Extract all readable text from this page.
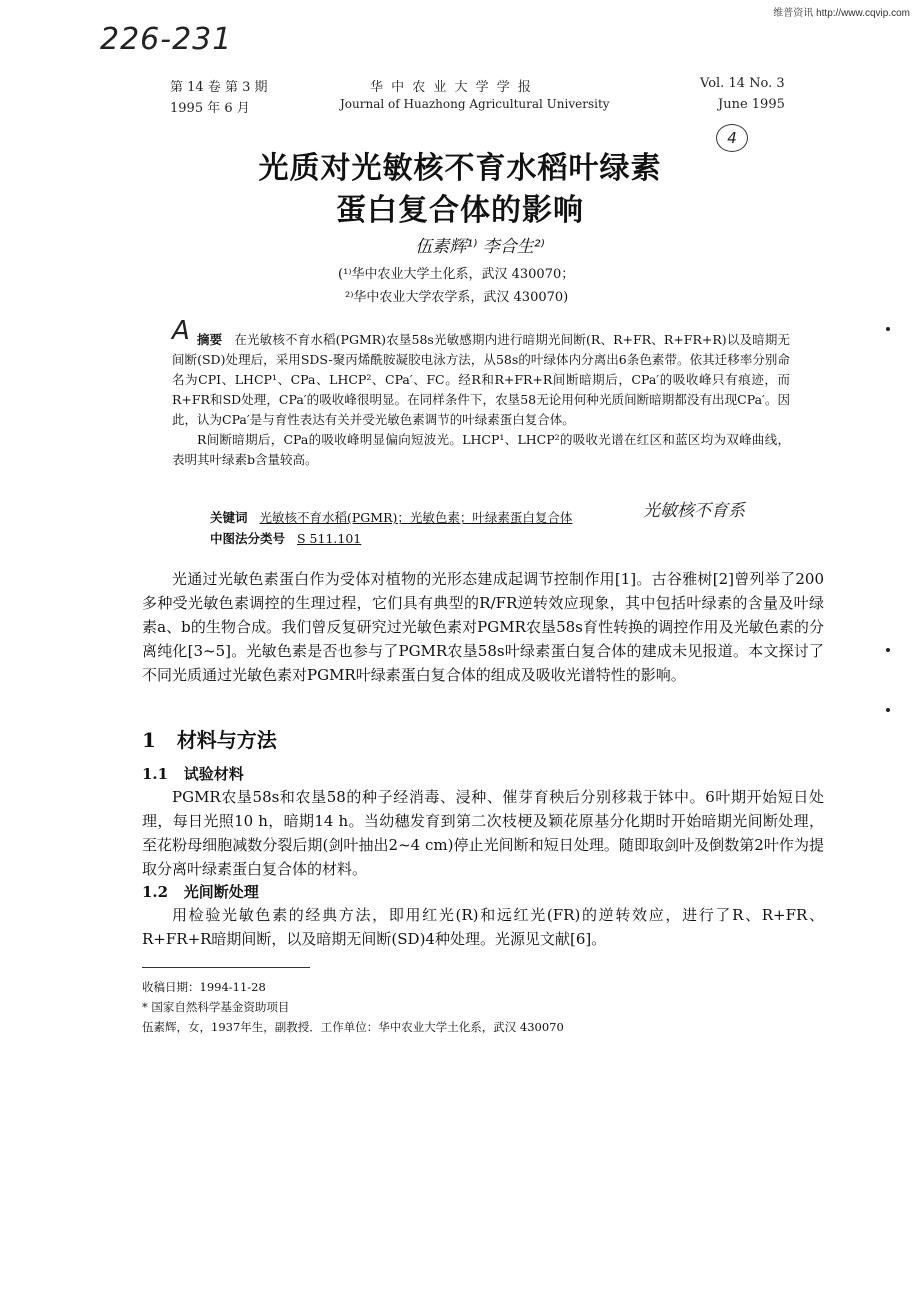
维普资讯 http://www.cqvip.com
226-231
第 14 卷 第 3 期
1995 年 6 月
华 中 农 业 大 学 学 报
Journal of Huazhong Agricultural University
Vol. 14 No. 3
June 1995
光质对光敏核不育水稻叶绿素
蛋白复合体的影响
4
伍素辉¹⁾ 李合生²⁾
(¹⁾华中农业大学土化系，武汉 430070；
²⁾华中农业大学农学系，武汉 430070)
A 摘要 在光敏核不育水稻(PGMR)农垦58s光敏感期内进行暗期光间断(R、R+FR、R+FR+R)以及暗期无间断(SD)处理后，采用SDS-聚丙烯酰胺凝胶电泳方法，从58s的叶绿体内分离出6条色素带。依其迁移率分别命名为CPI、LHCP¹、CPa、LHCP²、CPa′、FC。经R和R+FR+R间断暗期后，CPa′的吸收峰只有痕迹，而R+FR和SD处理，CPa′的吸收峰很明显。在同样条件下，农垦58无论用何种光质间断暗期都没有出现CPa′。因此，认为CPa′是与育性表达有关并受光敏色素调节的叶绿素蛋白复合体。

R间断暗期后，CPa的吸收峰明显偏向短波光。LHCP¹、LHCP²的吸收光谱在红区和蓝区均为双峰曲线，表明其叶绿素b含量较高。

关键词 光敏核不育水稻(PGMR)；光敏色素；叶绿素蛋白复合体	光敏核不育系
中图法分类号 S 511.101

光通过光敏色素蛋白作为受体对植物的光形态建成起调节控制作用[1]。古谷雅树[2]曾列举了200多种受光敏色素调控的生理过程，它们具有典型的R/FR逆转效应现象，其中包括叶绿素的含量及叶绿素a、b的生物合成。我们曾反复研究过光敏色素对PGMR农垦58s育性转换的调控作用及光敏色素的分离纯化[3~5]。光敏色素是否也参与了PGMR农垦58s叶绿素蛋白复合体的建成未见报道。本文探讨了不同光质通过光敏色素对PGMR叶绿素蛋白复合体的组成及吸收光谱特性的影响。

1 材料与方法
1.1 试验材料

PGMR农垦58s和农垦58的种子经消毒、浸种、催芽育秧后分别移栽于钵中。6叶期开始短日处理，每日光照10 h，暗期14 h。当幼穗发育到第二次枝梗及颖花原基分化期时开始暗期光间断处理，至花粉母细胞减数分裂后期(剑叶抽出2~4 cm)停止光间断和短日处理。随即取剑叶及倒数第2叶作为提取分离叶绿素蛋白复合体的材料。

1.2 光间断处理

用检验光敏色素的经典方法，即用红光(R)和远红光(FR)的逆转效应，进行了R、R+FR、R+FR+R暗期间断，以及暗期无间断(SD)4种处理。光源见文献[6]。

收稿日期：1994-11-28
* 国家自然科学基金资助项目
伍素辉，女，1937年生，副教授．工作单位：华中农业大学土化系，武汉 430070
